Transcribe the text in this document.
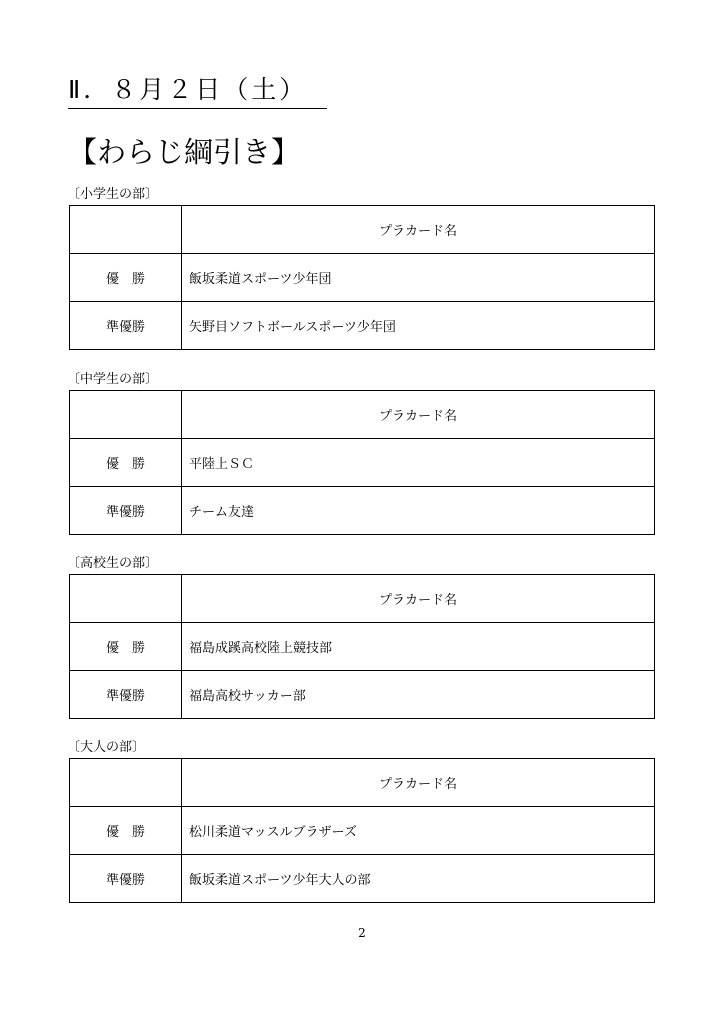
Ⅱ．８月２日（土）
【わらじ綱引き】
〔小学生の部〕
	プラカード名
優　勝	飯坂柔道スポーツ少年団
準優勝	矢野目ソフトボールスポーツ少年団
〔中学生の部〕
	プラカード名
優　勝	平陸上ＳＣ
準優勝	チーム友達
〔高校生の部〕
	プラカード名
優　勝	福島成蹊高校陸上競技部
準優勝	福島高校サッカー部
〔大人の部〕
	プラカード名
優　勝	松川柔道マッスルブラザーズ
準優勝	飯坂柔道スポーツ少年大人の部
2
